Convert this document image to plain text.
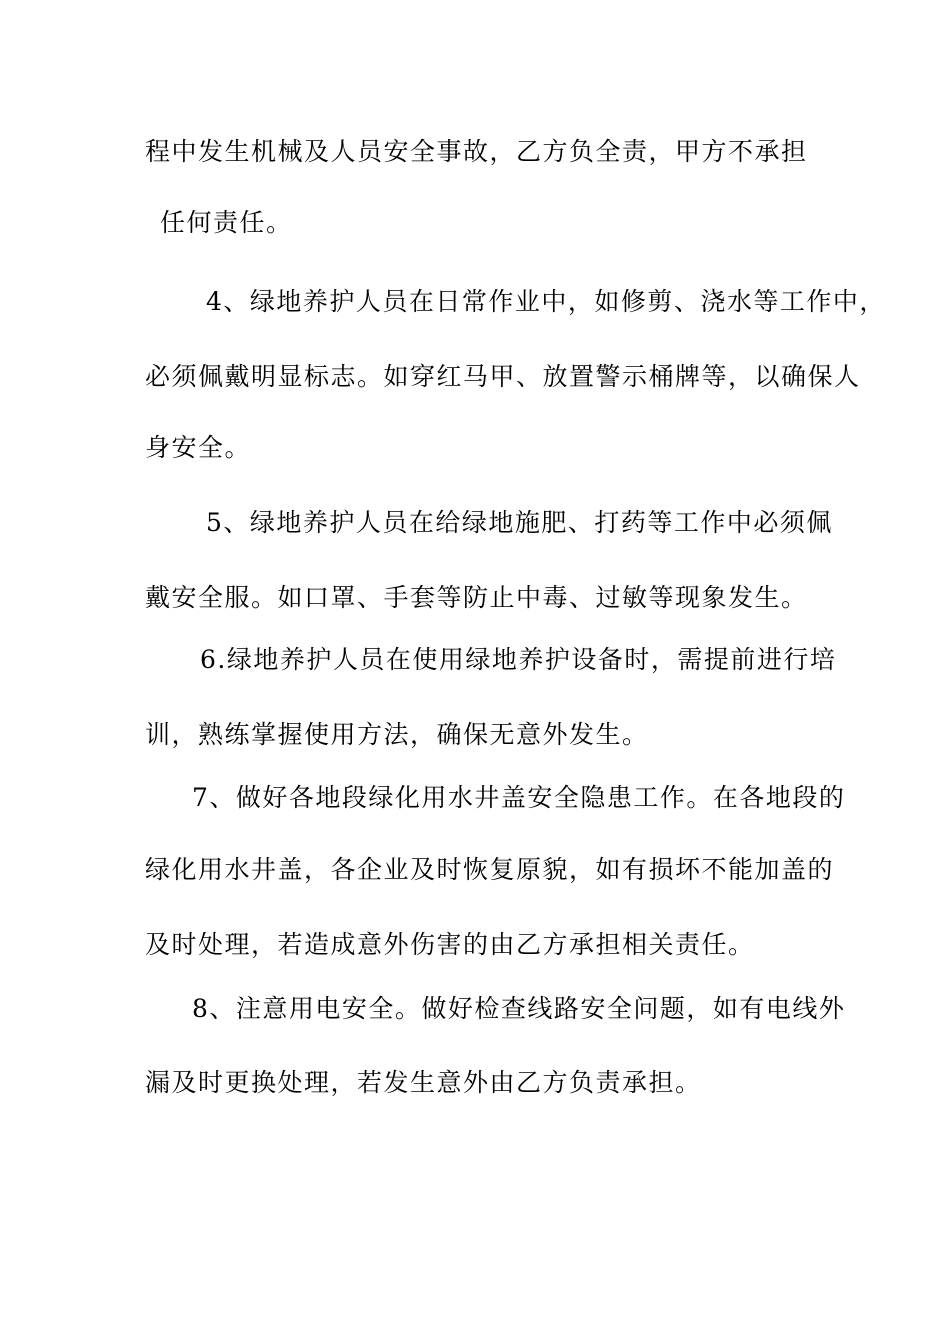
程中发生机械及人员安全事故，乙方负全责，甲方不承担
任何责任。
4、绿地养护人员在日常作业中，如修剪、浇水等工作中，
必须佩戴明显标志。如穿红马甲、放置警示桶牌等，以确保人
身安全。
5、绿地养护人员在给绿地施肥、打药等工作中必须佩
戴安全服。如口罩、手套等防止中毒、过敏等现象发生。
6.绿地养护人员在使用绿地养护设备时，需提前进行培
训，熟练掌握使用方法，确保无意外发生。
7、做好各地段绿化用水井盖安全隐患工作。在各地段的
绿化用水井盖，各企业及时恢复原貌，如有损坏不能加盖的
及时处理，若造成意外伤害的由乙方承担相关责任。
8、注意用电安全。做好检查线路安全问题，如有电线外
漏及时更换处理，若发生意外由乙方负责承担。
